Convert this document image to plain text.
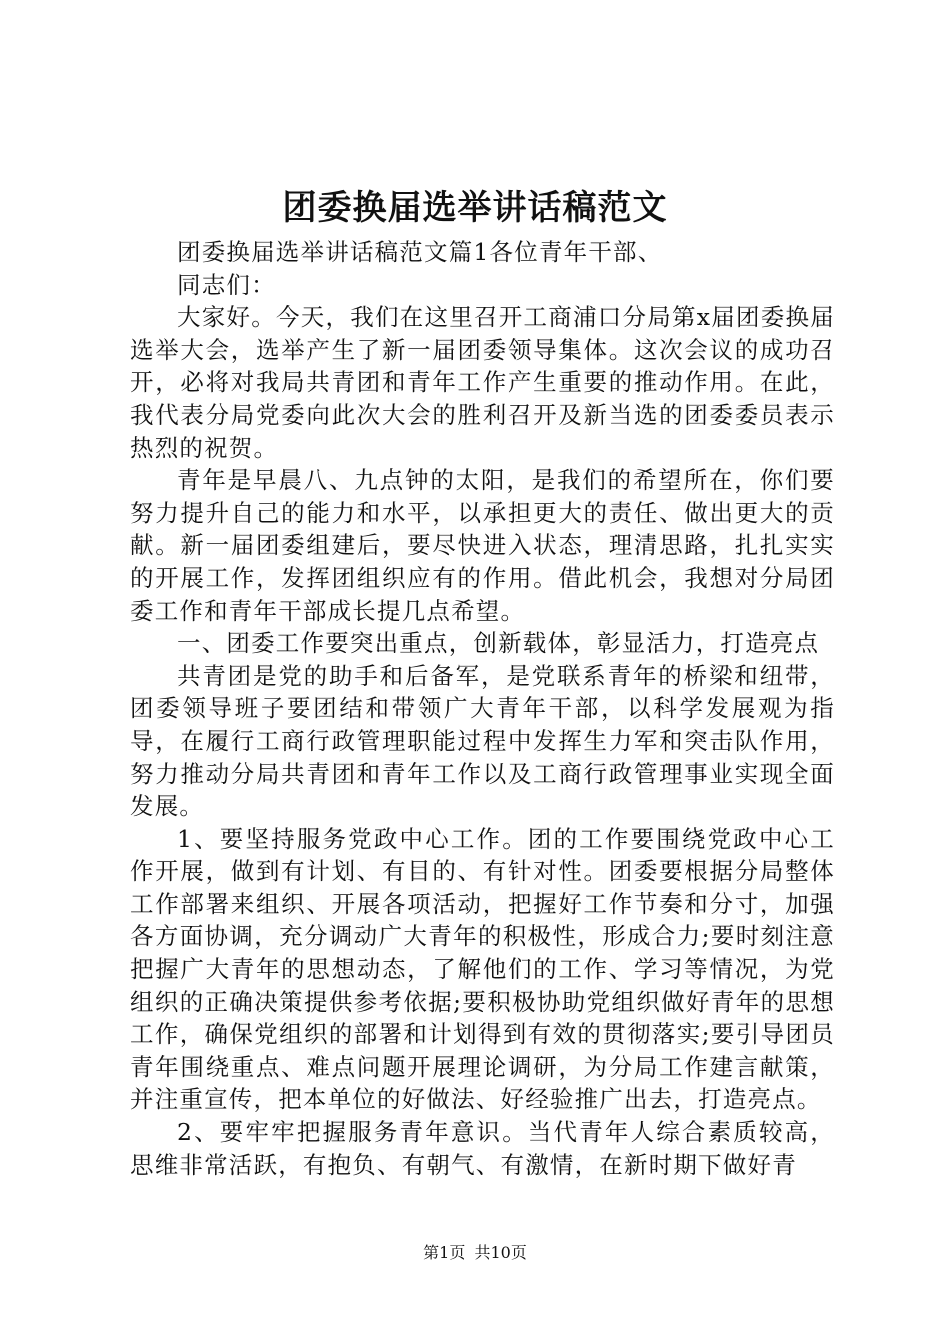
团委换届选举讲话稿范文

团委换届选举讲话稿范文篇1各位青年干部、

同志们：

大家好。今天，我们在这里召开工商浦口分局第x届团委换届选举大会，选举产生了新一届团委领导集体。这次会议的成功召开，必将对我局共青团和青年工作产生重要的推动作用。在此，我代表分局党委向此次大会的胜利召开及新当选的团委委员表示热烈的祝贺。

青年是早晨八、九点钟的太阳，是我们的希望所在，你们要努力提升自己的能力和水平，以承担更大的责任、做出更大的贡献。新一届团委组建后，要尽快进入状态，理清思路，扎扎实实的开展工作，发挥团组织应有的作用。借此机会，我想对分局团委工作和青年干部成长提几点希望。

一、团委工作要突出重点，创新载体，彰显活力，打造亮点

共青团是党的助手和后备军，是党联系青年的桥梁和纽带，团委领导班子要团结和带领广大青年干部，以科学发展观为指导，在履行工商行政管理职能过程中发挥生力军和突击队作用，努力推动分局共青团和青年工作以及工商行政管理事业实现全面发展。

1、要坚持服务党政中心工作。团的工作要围绕党政中心工作开展，做到有计划、有目的、有针对性。团委要根据分局整体工作部署来组织、开展各项活动，把握好工作节奏和分寸，加强各方面协调，充分调动广大青年的积极性，形成合力;要时刻注意把握广大青年的思想动态，了解他们的工作、学习等情况，为党组织的正确决策提供参考依据;要积极协助党组织做好青年的思想工作，确保党组织的部署和计划得到有效的贯彻落实;要引导团员青年围绕重点、难点问题开展理论调研，为分局工作建言献策，并注重宣传，把本单位的好做法、好经验推广出去，打造亮点。

2、要牢牢把握服务青年意识。当代青年人综合素质较高，思维非常活跃，有抱负、有朝气、有激情，在新时期下做好青

第1页 共10页
